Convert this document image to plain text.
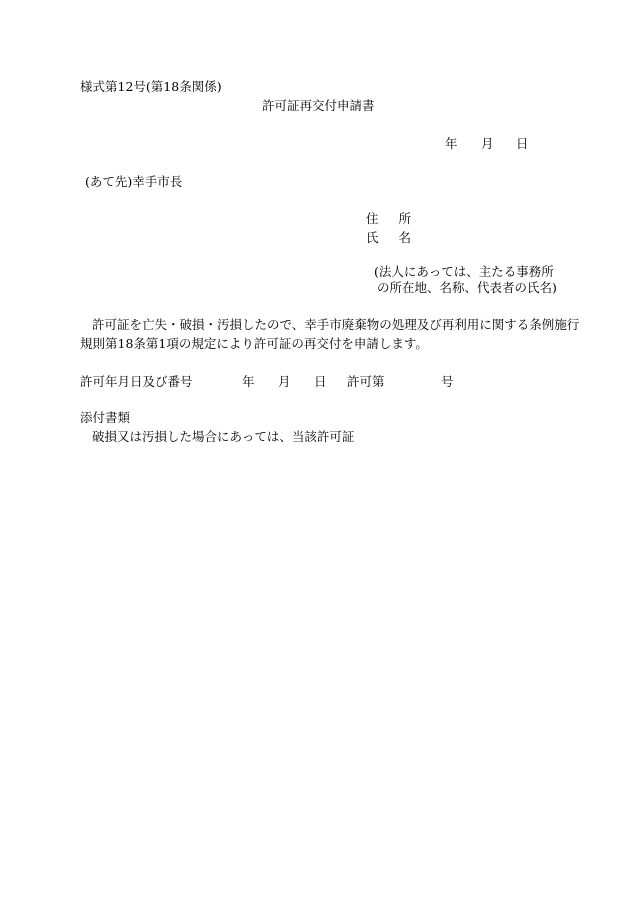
様式第12号(第18条関係)
許可証再交付申請書
年 月 日
(あて先)幸手市長
住 所
氏 名
(法人にあっては、主たる事務所
の所在地、名称、代表者の氏名)
許可証を亡失・破損・汚損したので、幸手市廃棄物の処理及び再利用に関する条例施行
規則第18条第1項の規定により許可証の再交付を申請します。
許可年月日及び番号	年 月 日 許可第	号
添付書類
破損又は汚損した場合にあっては、当該許可証
